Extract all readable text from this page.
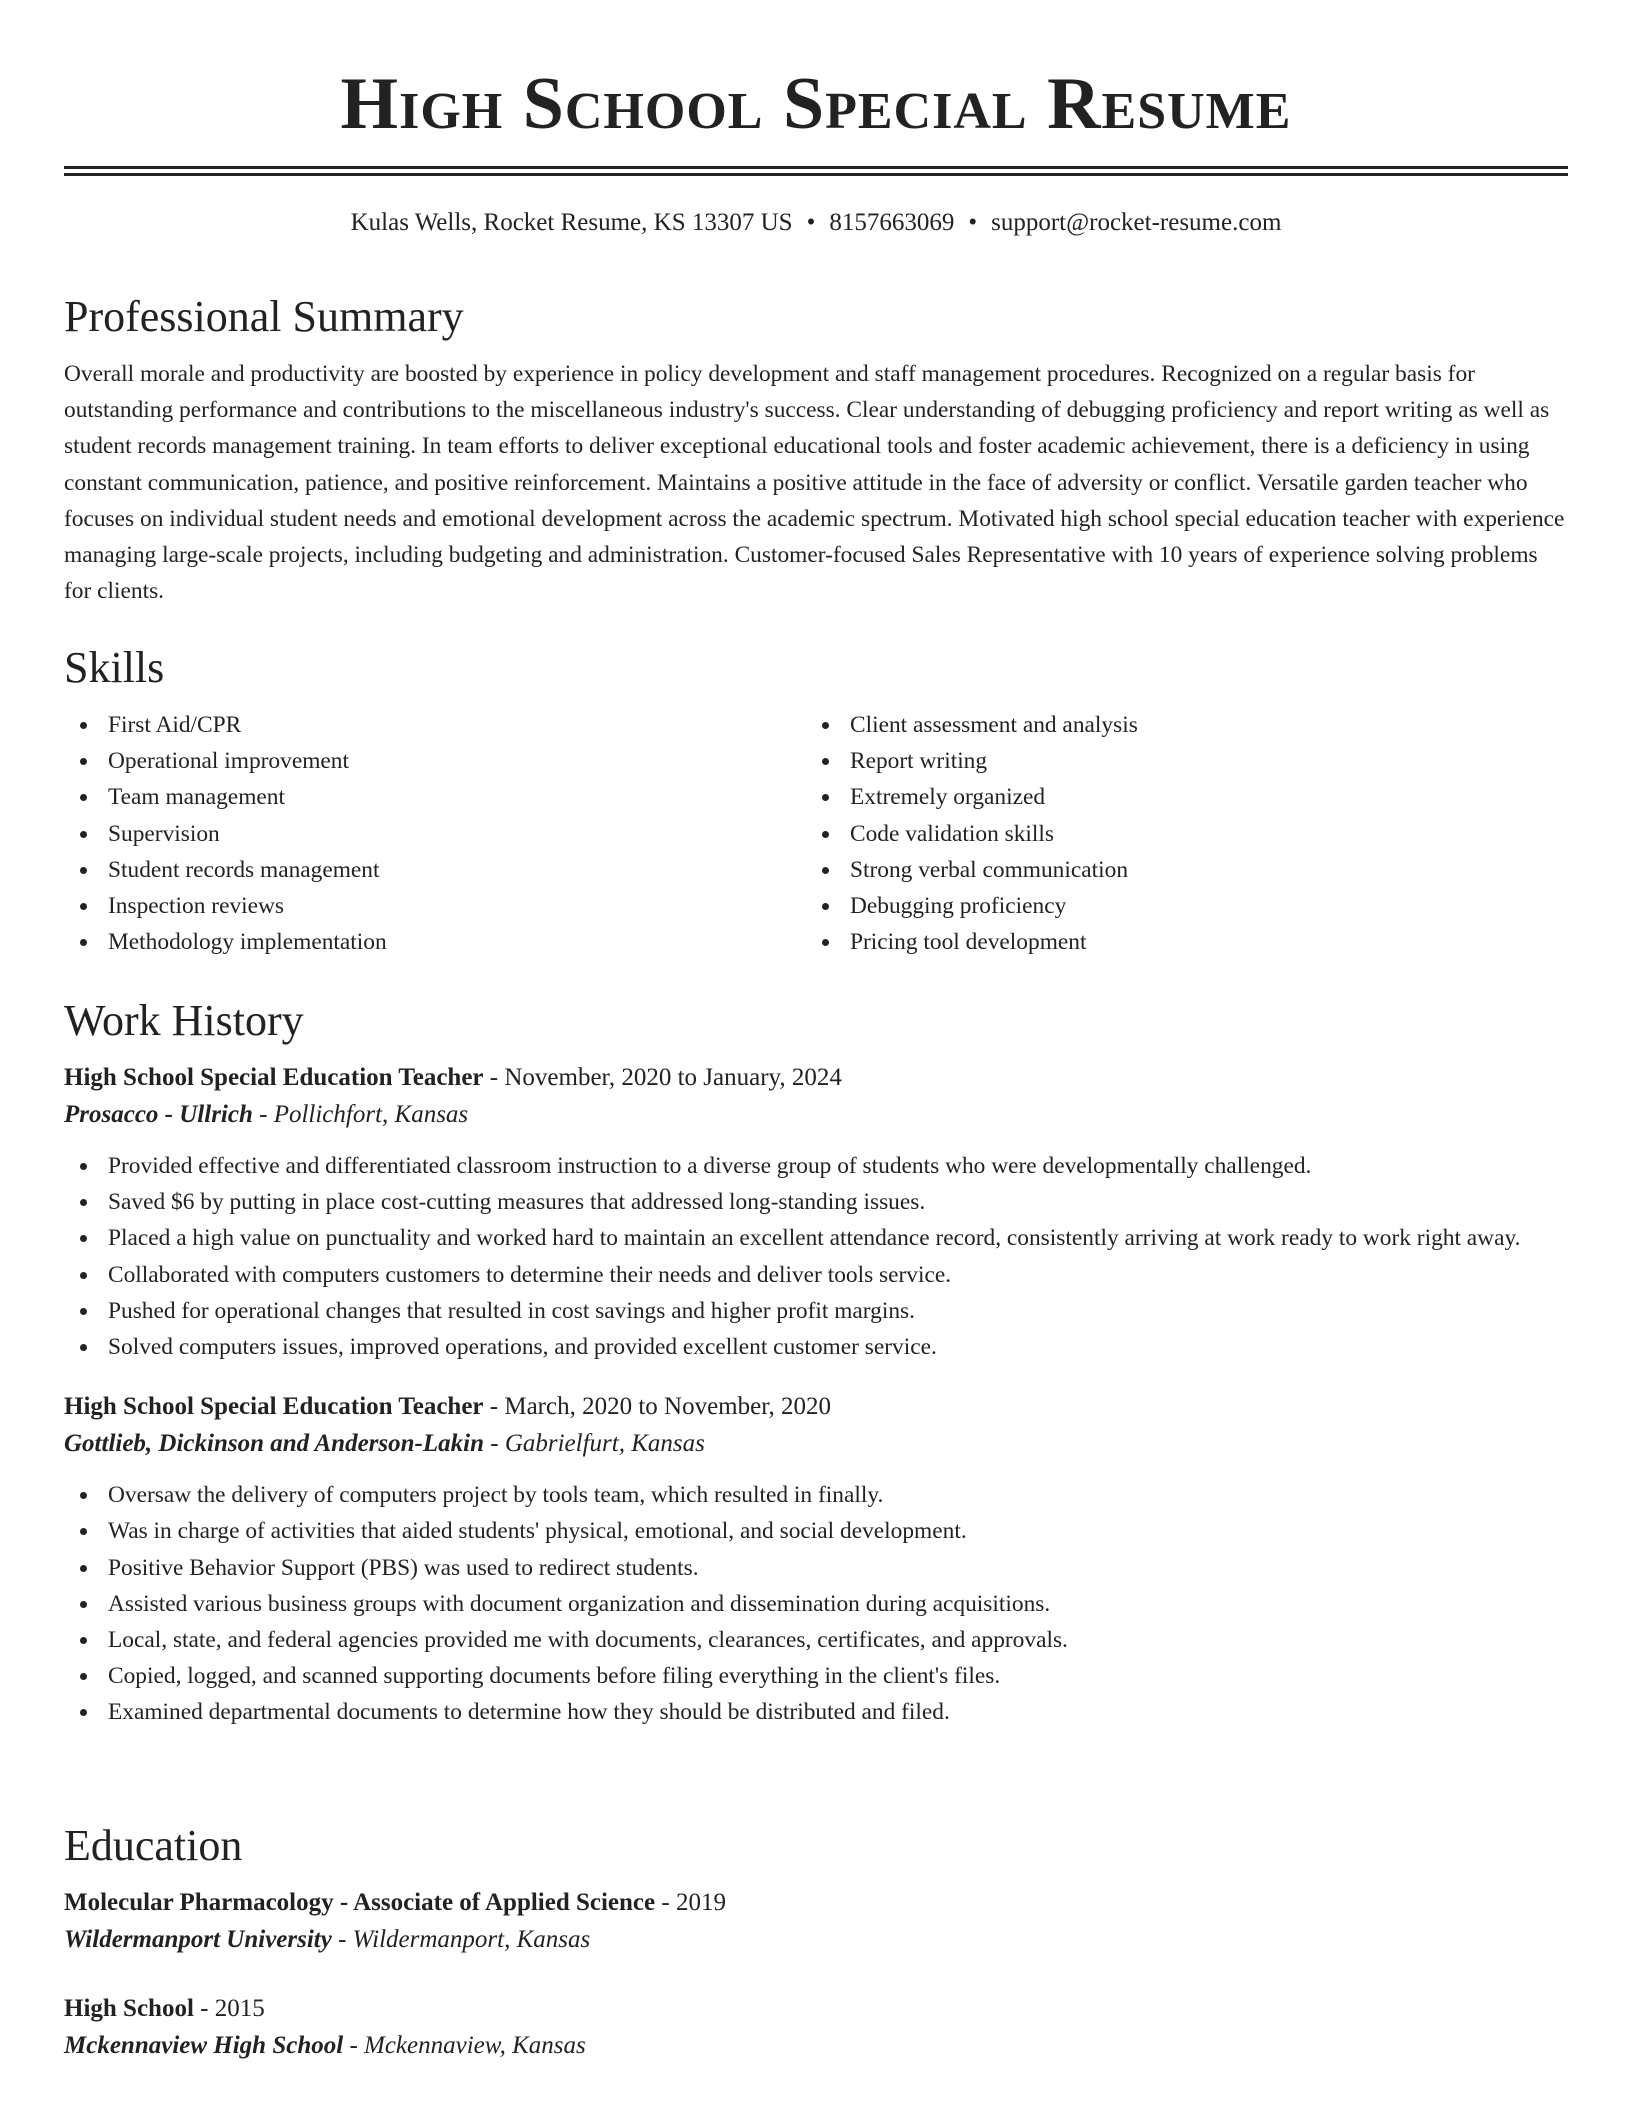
High School Special Resume
Kulas Wells, Rocket Resume, KS 13307 US • 8157663069 • support@rocket-resume.com
Professional Summary

Overall morale and productivity are boosted by experience in policy development and staff management procedures. Recognized on a regular basis for outstanding performance and contributions to the miscellaneous industry's success. Clear understanding of debugging proficiency and report writing as well as student records management training. In team efforts to deliver exceptional educational tools and foster academic achievement, there is a deficiency in using constant communication, patience, and positive reinforcement. Maintains a positive attitude in the face of adversity or conflict. Versatile garden teacher who focuses on individual student needs and emotional development across the academic spectrum. Motivated high school special education teacher with experience managing large-scale projects, including budgeting and administration. Customer-focused Sales Representative with 10 years of experience solving problems for clients.

Skills
First Aid/CPR
Operational improvement
Team management
Supervision
Student records management
Inspection reviews
Methodology implementation
Client assessment and analysis
Report writing
Extremely organized
Code validation skills
Strong verbal communication
Debugging proficiency
Pricing tool development
Work History
High School Special Education Teacher - November, 2020 to January, 2024
Prosacco - Ullrich - Pollichfort, Kansas
Provided effective and differentiated classroom instruction to a diverse group of students who were developmentally challenged.
Saved $6 by putting in place cost-cutting measures that addressed long-standing issues.
Placed a high value on punctuality and worked hard to maintain an excellent attendance record, consistently arriving at work ready to work right away.
Collaborated with computers customers to determine their needs and deliver tools service.
Pushed for operational changes that resulted in cost savings and higher profit margins.
Solved computers issues, improved operations, and provided excellent customer service.
High School Special Education Teacher - March, 2020 to November, 2020
Gottlieb, Dickinson and Anderson-Lakin - Gabrielfurt, Kansas
Oversaw the delivery of computers project by tools team, which resulted in finally.
Was in charge of activities that aided students' physical, emotional, and social development.
Positive Behavior Support (PBS) was used to redirect students.
Assisted various business groups with document organization and dissemination during acquisitions.
Local, state, and federal agencies provided me with documents, clearances, certificates, and approvals.
Copied, logged, and scanned supporting documents before filing everything in the client's files.
Examined departmental documents to determine how they should be distributed and filed.
Education
Molecular Pharmacology - Associate of Applied Science - 2019
Wildermanport University - Wildermanport, Kansas
High School - 2015
Mckennaview High School - Mckennaview, Kansas
